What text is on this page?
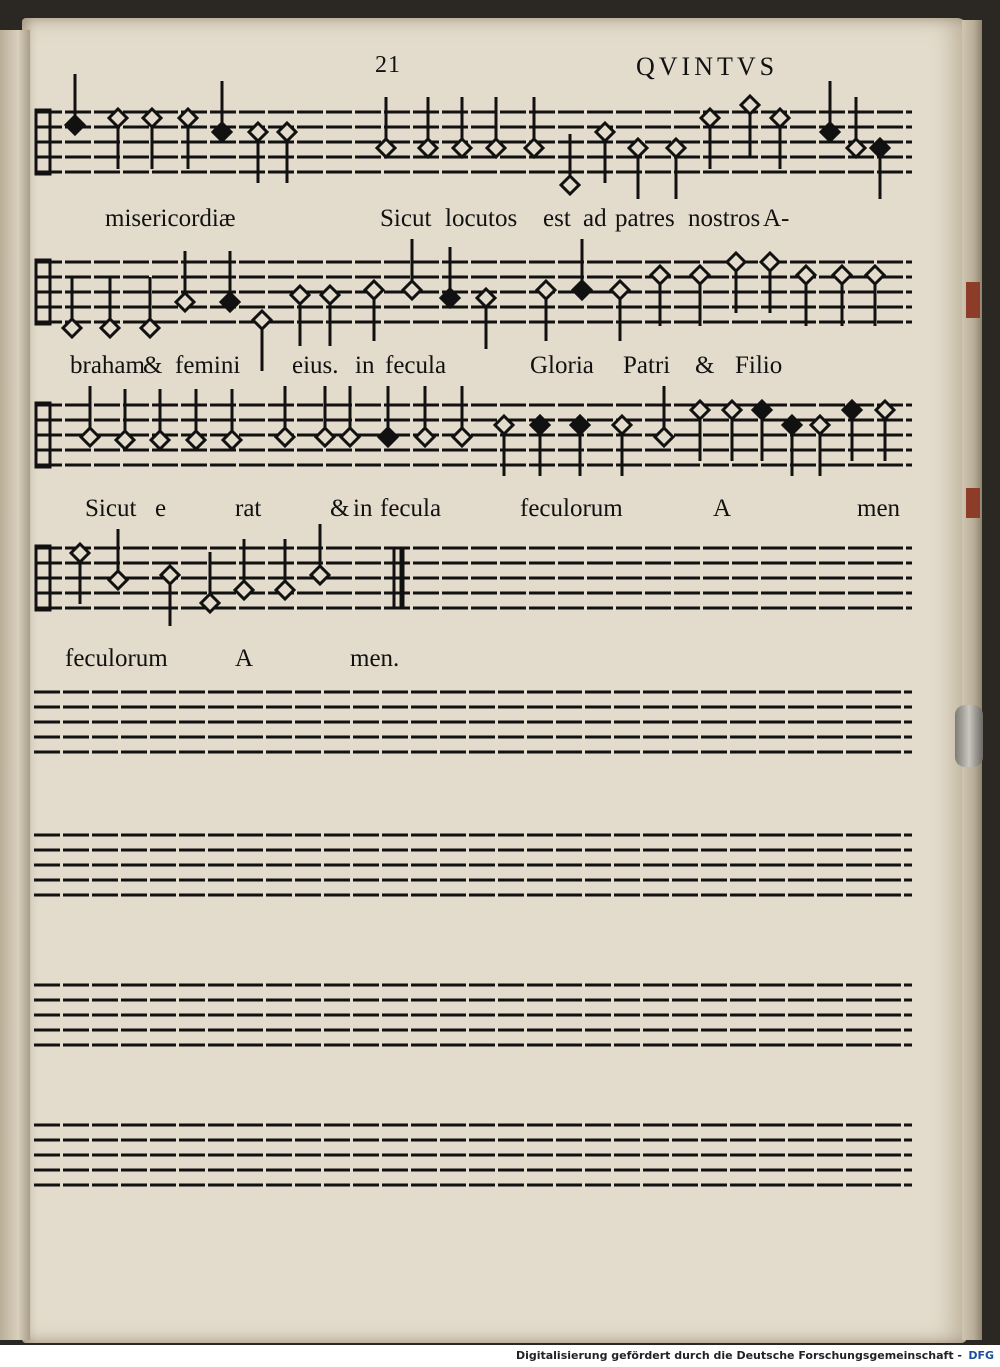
21	QVINTVS
misericordiæ	Sicut locutos est ad patres nostros A-
braham
& femini eius. in fecula	Gloria Patri & Filio
Sicut e	rat	& in fecula	feculorum	A	men
feculorum	A	men.
Digitalisierung gefördert durch die Deutsche Forschungsgemeinschaft - DFG
